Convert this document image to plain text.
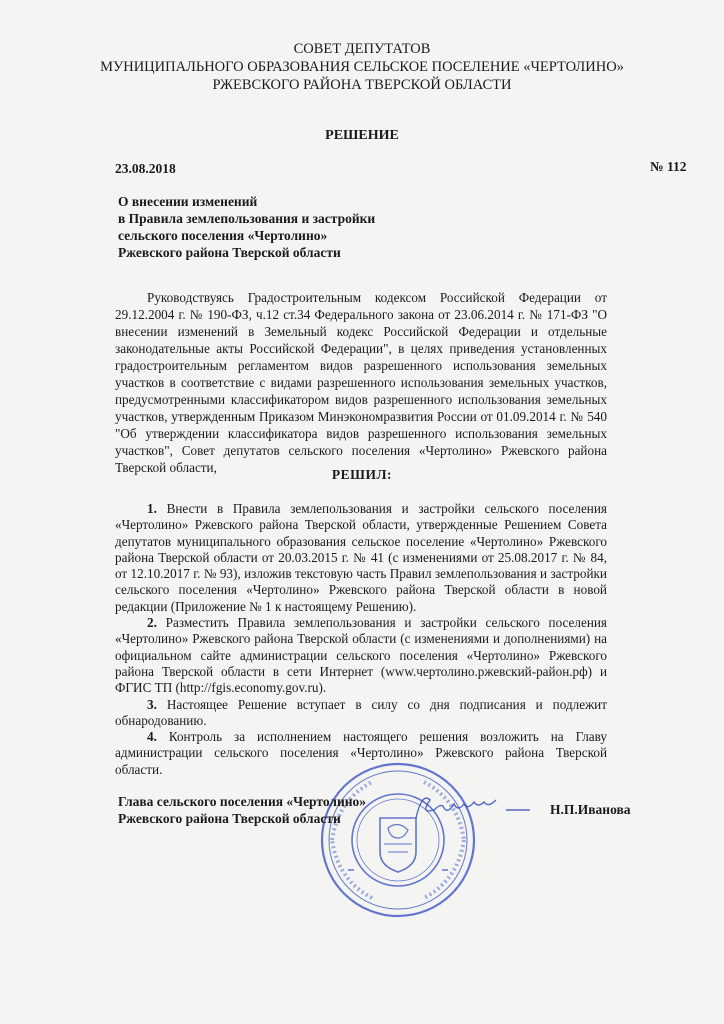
СОВЕТ ДЕПУТАТОВ
МУНИЦИПАЛЬНОГО ОБРАЗОВАНИЯ СЕЛЬСКОЕ ПОСЕЛЕНИЕ «ЧЕРТОЛИНО»
РЖЕВСКОГО РАЙОНА ТВЕРСКОЙ ОБЛАСТИ
РЕШЕНИЕ
23.08.2018	№ 112
О внесении изменений
в Правила землепользования и застройки
сельского поселения «Чертолино»
Ржевского района Тверской области
Руководствуясь Градостроительным кодексом Российской Федерации от 29.12.2004 г. № 190-ФЗ, ч.12 ст.34 Федерального закона от 23.06.2014 г. № 171-ФЗ "О внесении изменений в Земельный кодекс Российской Федерации и отдельные законодательные акты Российской Федерации", в целях приведения установленных градостроительным регламентом видов разрешенного использования земельных участков в соответствие с видами разрешенного использования земельных участков, предусмотренными классификатором видов разрешенного использования земельных участков, утвержденным Приказом Минэкономразвития России от 01.09.2014 г. № 540 "Об утверждении классификатора видов разрешенного использования земельных участков", Совет депутатов сельского поселения «Чертолино» Ржевского района Тверской области,	РЕШИЛ:

1. Внести в Правила землепользования и застройки сельского поселения «Чертолино» Ржевского района Тверской области, утвержденные Решением Совета депутатов муниципального образования сельское поселение «Чертолино» Ржевского района Тверской области от 20.03.2015 г. № 41 (с изменениями от 25.08.2017 г. № 84, от 12.10.2017 г. № 93), изложив текстовую часть Правил землепользования и застройки сельского поселения «Чертолино» Ржевского района Тверской области в новой редакции (Приложение № 1 к настоящему Решению).

2. Разместить Правила землепользования и застройки сельского поселения «Чертолино» Ржевского района Тверской области (с изменениями и дополнениями) на официальном сайте администрации сельского поселения «Чертолино» Ржевского района Тверской области в сети Интернет (www.чертолино.ржевский-район.рф) и ФГИС ТП (http://fgis.economy.gov.ru).

3. Настоящее Решение вступает в силу со дня подписания и подлежит обнародованию.

4. Контроль за исполнением настоящего решения возложить на Главу администрации сельского поселения «Чертолино» Ржевского района Тверской области.

Глава сельского поселения «Чертолино»
Ржевского района Тверской области
Н.П.Иванова
